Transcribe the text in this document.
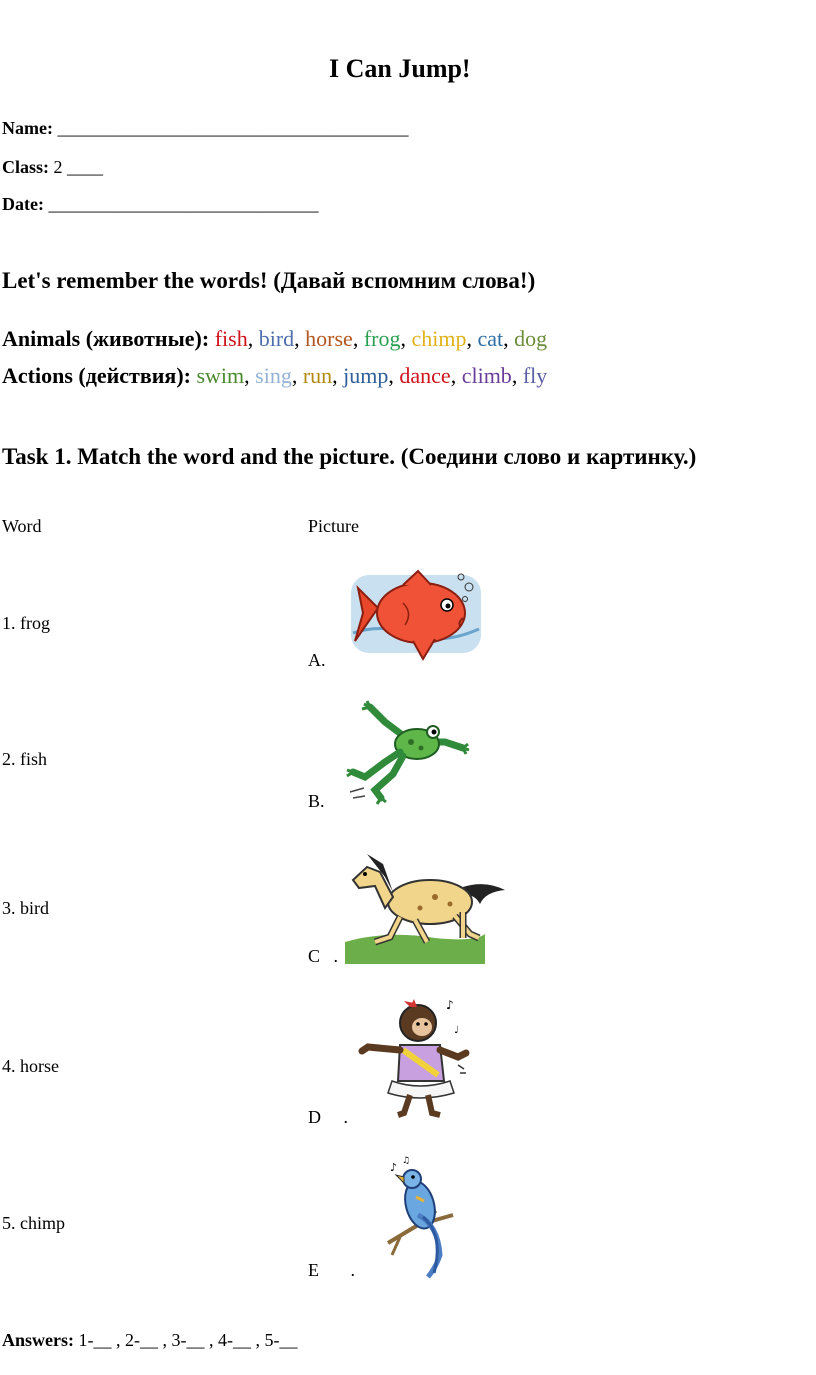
I Can Jump!
Name: _______________________________________
Class: 2 ____
Date: ______________________________
Let's remember the words! (Давай вспомним слова!)
Animals (животные): fish, bird, horse, frog, chimp, cat, dog
Actions (действия): swim, sing, run, jump, dance, climb, fly
Task 1. Match the word and the picture. (Соедини слово и картинку.)
Word	Picture
1. frog
2. fish
3. bird
4. horse
5. chimp
A.
B.
C   .
D     .
E       .
♪
♩
♪ ♫
Answers: 1-__ , 2-__ , 3-__ , 4-__ , 5-__
